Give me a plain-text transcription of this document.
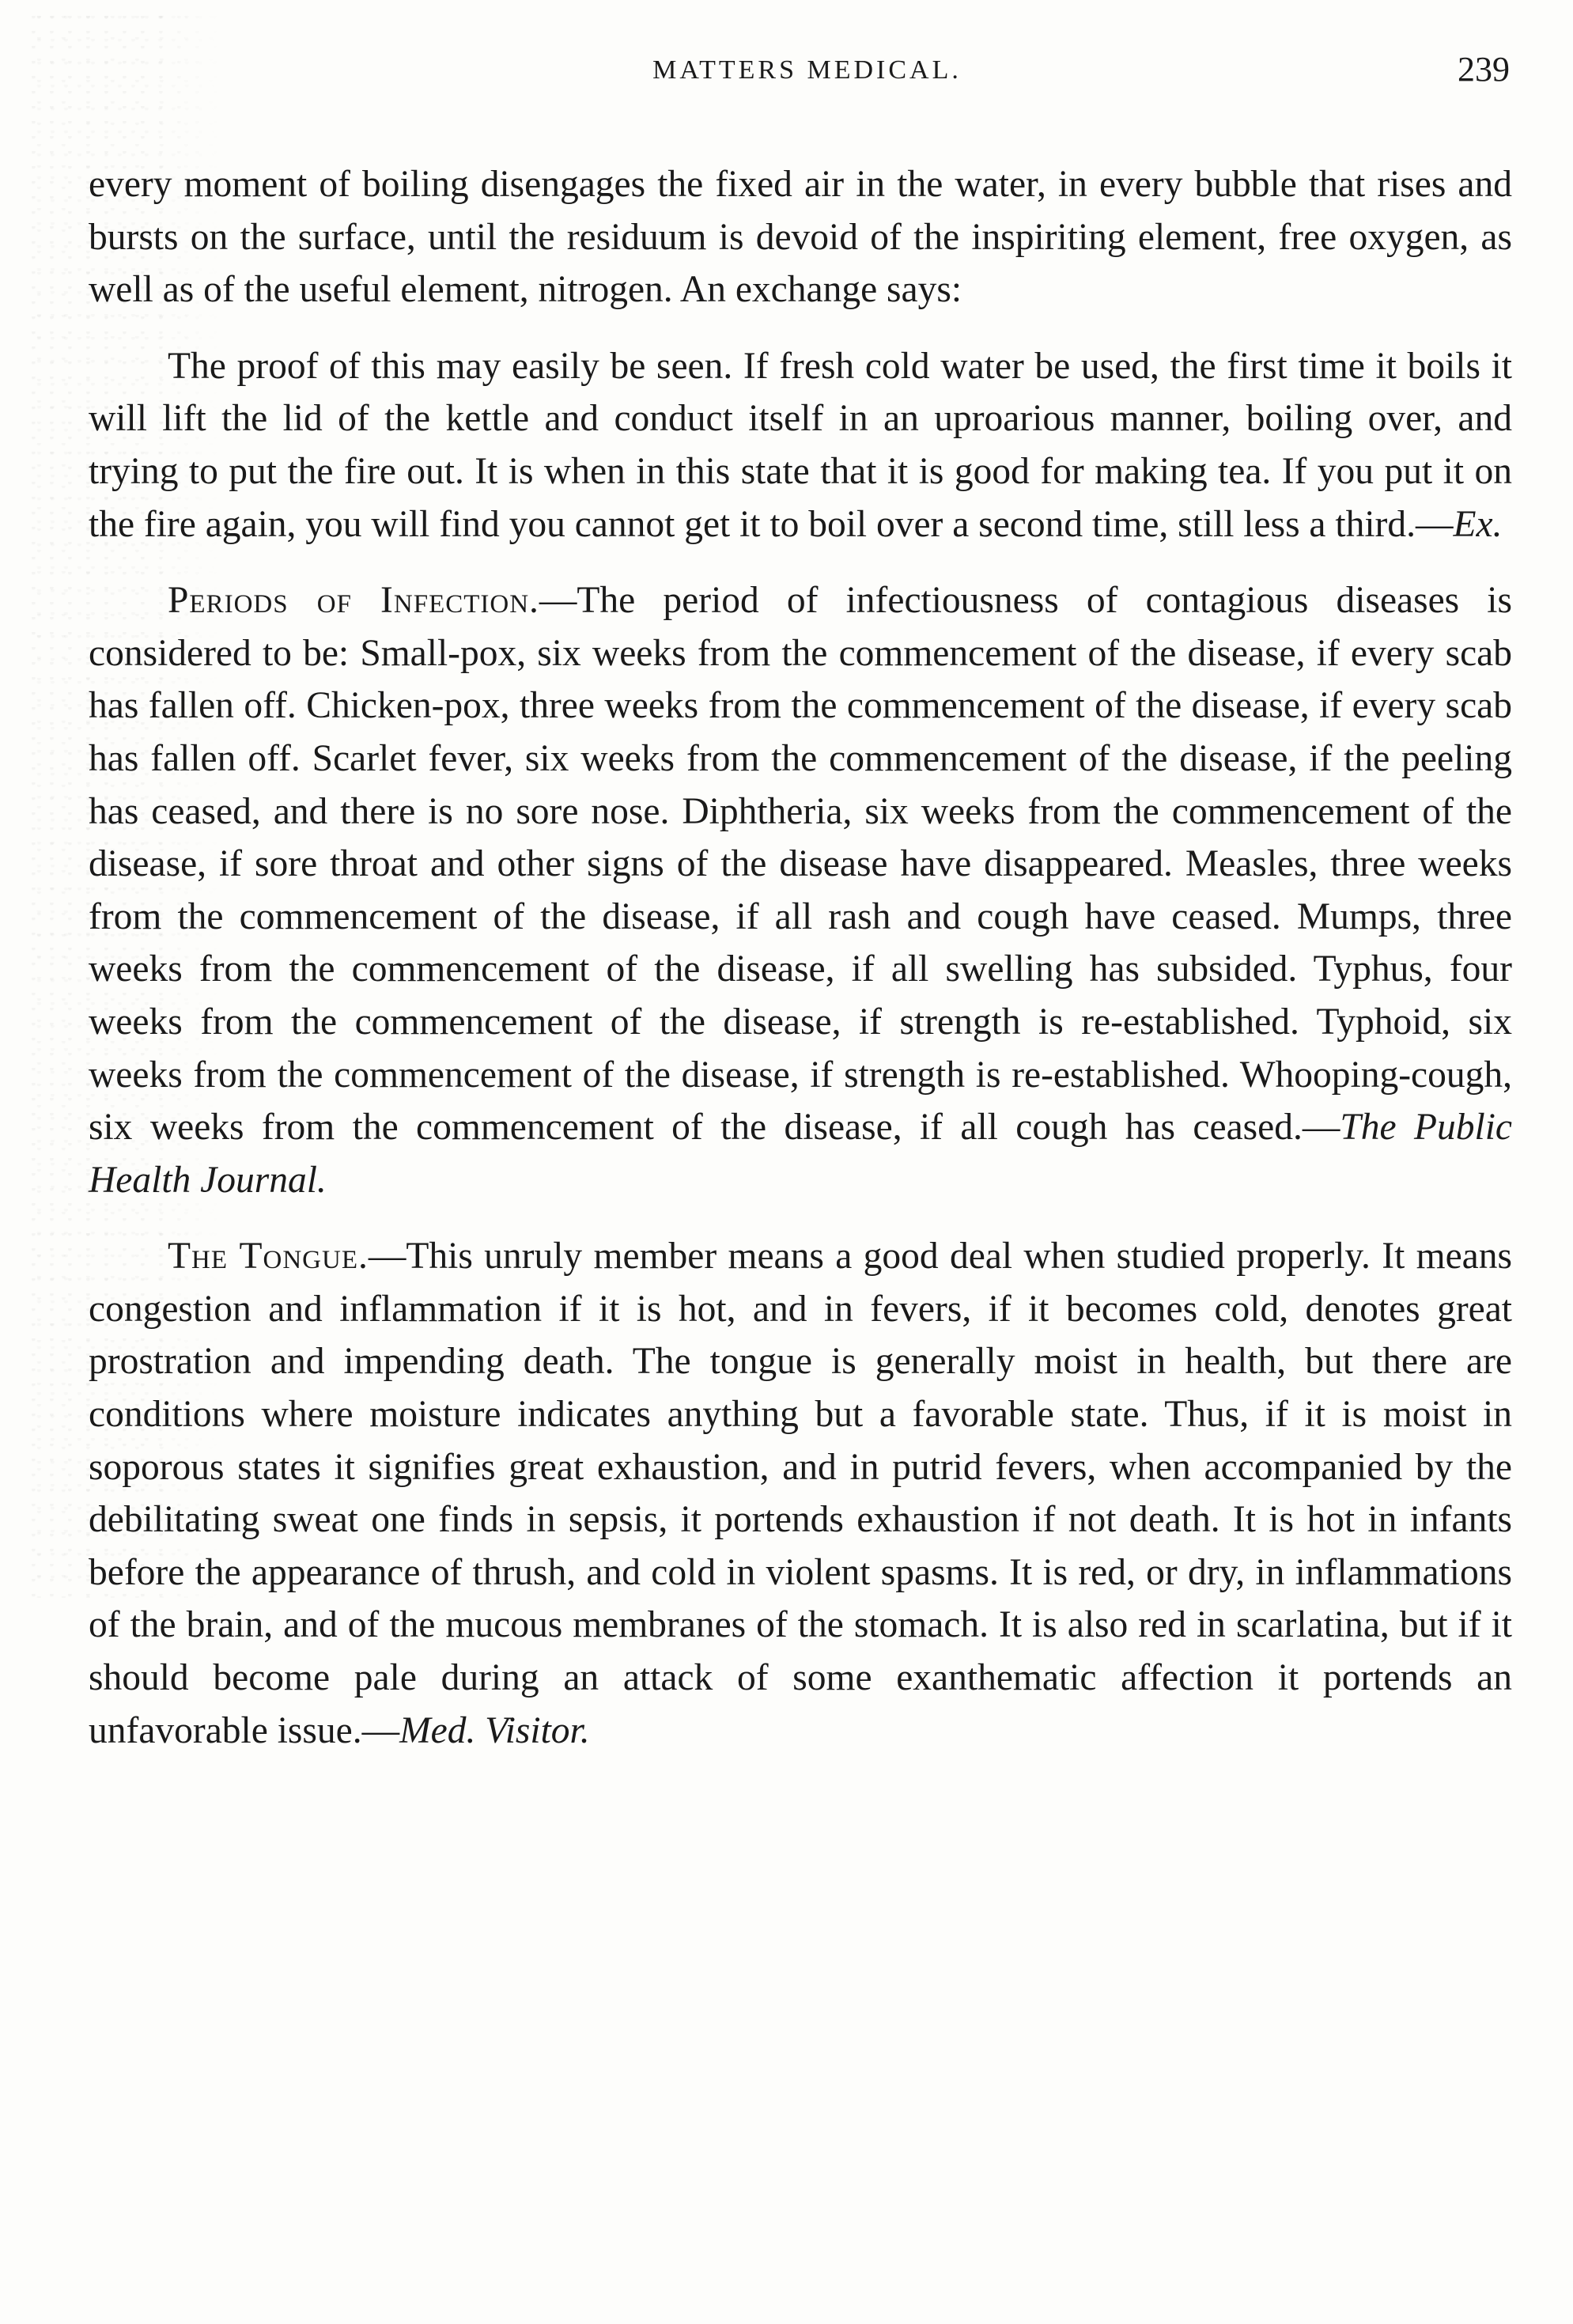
MATTERS MEDICAL.	239

every moment of boiling disengages the fixed air in the water, in every bubble that rises and bursts on the surface, until the residuum is devoid of the inspiriting element, free oxygen, as well as of the useful element, nitrogen. An exchange says:

The proof of this may easily be seen. If fresh cold water be used, the first time it boils it will lift the lid of the kettle and conduct itself in an uproarious manner, boiling over, and trying to put the fire out. It is when in this state that it is good for making tea. If you put it on the fire again, you will find you cannot get it to boil over a second time, still less a third.—Ex.

Periods of Infection.—The period of infectiousness of contagious diseases is considered to be: Small-pox, six weeks from the commencement of the disease, if every scab has fallen off. Chicken-pox, three weeks from the commencement of the disease, if every scab has fallen off. Scarlet fever, six weeks from the commencement of the disease, if the peeling has ceased, and there is no sore nose. Diphtheria, six weeks from the commencement of the disease, if sore throat and other signs of the disease have disappeared. Measles, three weeks from the commencement of the disease, if all rash and cough have ceased. Mumps, three weeks from the commencement of the disease, if all swelling has subsided. Typhus, four weeks from the commencement of the disease, if strength is re-established. Typhoid, six weeks from the commencement of the disease, if strength is re-established. Whooping-cough, six weeks from the commencement of the disease, if all cough has ceased.—The Public Health Journal.

The Tongue.—This unruly member means a good deal when studied properly. It means congestion and inflammation if it is hot, and in fevers, if it becomes cold, denotes great prostration and impending death. The tongue is generally moist in health, but there are conditions where moisture indicates anything but a favorable state. Thus, if it is moist in soporous states it signifies great exhaustion, and in putrid fevers, when accompanied by the debilitating sweat one finds in sepsis, it portends exhaustion if not death. It is hot in infants before the appearance of thrush, and cold in violent spasms. It is red, or dry, in inflammations of the brain, and of the mucous membranes of the stomach. It is also red in scarlatina, but if it should become pale during an attack of some exanthematic affection it portends an unfavorable issue.—Med. Visitor.
